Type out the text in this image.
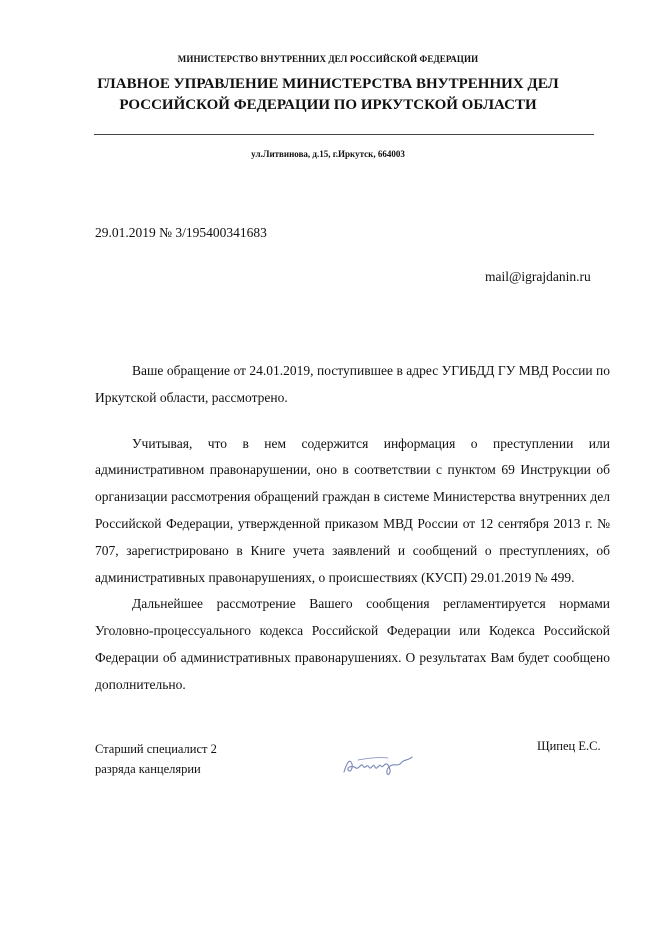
МИНИСТЕРСТВО ВНУТРЕННИХ ДЕЛ РОССИЙСКОЙ ФЕДЕРАЦИИ
ГЛАВНОЕ УПРАВЛЕНИЕ МИНИСТЕРСТВА ВНУТРЕННИХ ДЕЛ
РОССИЙСКОЙ ФЕДЕРАЦИИ ПО ИРКУТСКОЙ ОБЛАСТИ
ул.Литвинова, д.15, г.Иркутск, 664003
29.01.2019 № 3/195400341683
mail@igrajdanin.ru

Ваше обращение от 24.01.2019, поступившее в адрес УГИБДД ГУ МВД России по Иркутской области, рассмотрено.

Учитывая, что в нем содержится информация о преступлении или административном правонарушении, оно в соответствии с пунктом 69 Инструкции об организации рассмотрения обращений граждан в системе Министерства внутренних дел Российской Федерации, утвержденной приказом МВД России от 12 сентября 2013 г. № 707, зарегистрировано в Книге учета заявлений и сообщений о преступлениях, об административных правонарушениях, о происшествиях (КУСП) 29.01.2019 № 499.

Дальнейшее рассмотрение Вашего сообщения регламентируется нормами Уголовно-процессуального кодекса Российской Федерации или Кодекса Российской Федерации об административных правонарушениях. О результатах Вам будет сообщено дополнительно.

Старший специалист 2
разряда канцелярии
Щипец Е.С.
